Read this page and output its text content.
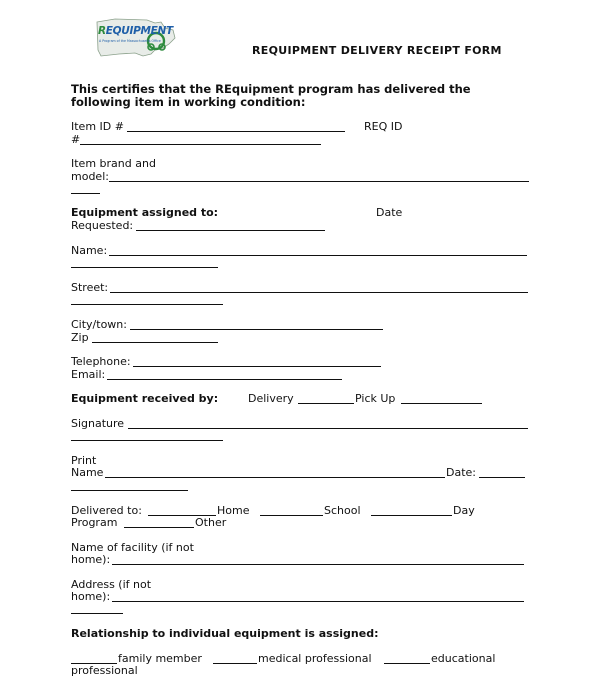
REQUIPMENT
A Program of the Massachusetts Office
REQUIPMENT DELIVERY RECEIPT FORM
This certifies that the REquipment program has delivered the
following item in working condition:
Item ID #	REQ ID
#
Item brand and
model:
Equipment assigned to:	Date
Requested:
Name:
Street:
City/town:
Zip
Telephone:
Email:
Equipment received by:	Delivery	Pick Up
Signature
Print
Name	Date:
Delivered to:	Home	School	Day
Program	Other
Name of facility (if not
home):
Address (if not
home):
Relationship to individual equipment is assigned:
family member	medical professional	educational
professional
